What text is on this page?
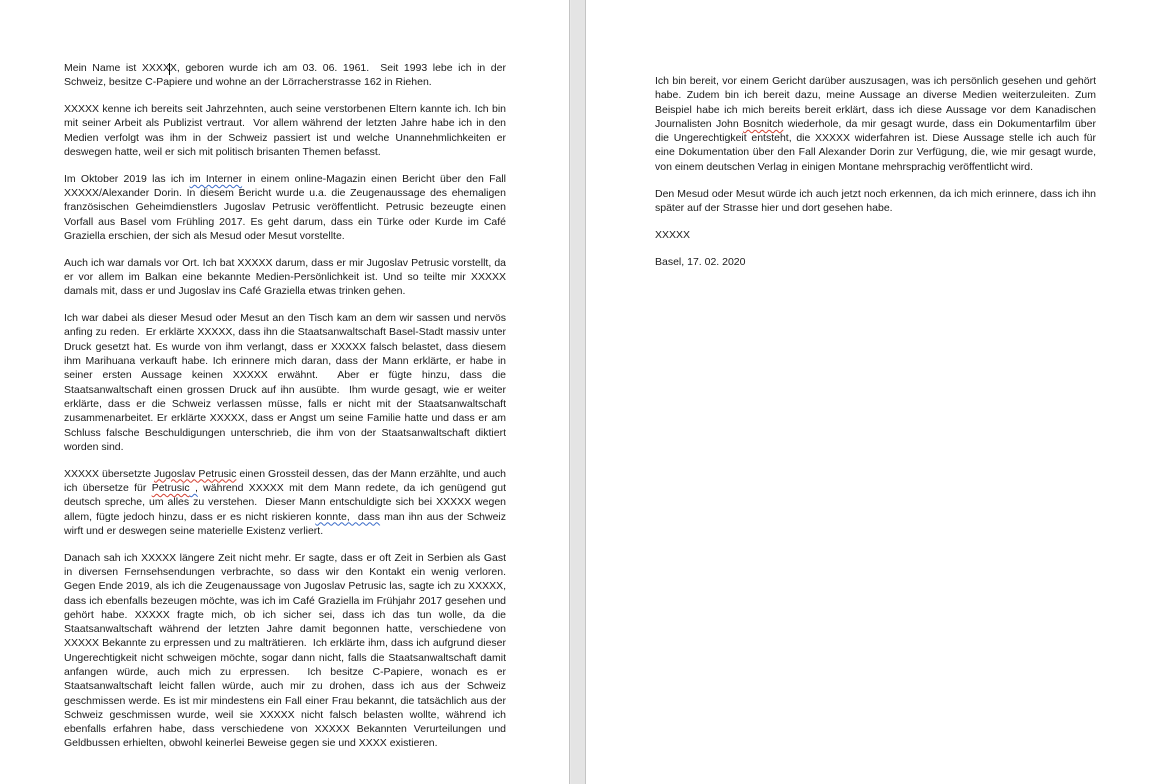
Mein Name ist XXXXX, geboren wurde ich am 03. 06. 1961.  Seit 1993 lebe ich in der Schweiz, besitze C-Papiere und wohne an der Lörracherstrasse 162 in Riehen.

XXXXX kenne ich bereits seit Jahrzehnten, auch seine verstorbenen Eltern kannte ich. Ich bin mit seiner Arbeit als Publizist vertraut.  Vor allem während der letzten Jahre habe ich in den Medien verfolgt was ihm in der Schweiz passiert ist und welche Unannehmlichkeiten er deswegen hatte, weil er sich mit politisch brisanten Themen befasst.

Im Oktober 2019 las ich im Interner in einem online-Magazin einen Bericht über den Fall XXXXX/Alexander Dorin. In diesem Bericht wurde u.a. die Zeugenaussage des ehemaligen französischen Geheimdienstlers Jugoslav Petrusic veröffentlicht. Petrusic bezeugte einen Vorfall aus Basel vom Frühling 2017. Es geht darum, dass ein Türke oder Kurde im Café Graziella erschien, der sich als Mesud oder Mesut vorstellte.

Auch ich war damals vor Ort. Ich bat XXXXX darum, dass er mir Jugoslav Petrusic vorstellt, da er vor allem im Balkan eine bekannte Medien-Persönlichkeit ist. Und so teilte mir XXXXX damals mit, dass er und Jugoslav ins Café Graziella etwas trinken gehen.

Ich war dabei als dieser Mesud oder Mesut an den Tisch kam an dem wir sassen und nervös anfing zu reden.  Er erklärte XXXXX, dass ihn die Staatsanwaltschaft Basel-Stadt massiv unter Druck gesetzt hat. Es wurde von ihm verlangt, dass er XXXXX falsch belastet, dass diesem ihm Marihuana verkauft habe. Ich erinnere mich daran, dass der Mann erklärte, er habe in seiner ersten Aussage keinen XXXXX erwähnt.  Aber er fügte hinzu, dass die Staatsanwaltschaft einen grossen Druck auf ihn ausübte.  Ihm wurde gesagt, wie er weiter erklärte, dass er die Schweiz verlassen müsse, falls er nicht mit der Staatsanwaltschaft zusammenarbeitet. Er erklärte XXXXX, dass er Angst um seine Familie hatte und dass er am Schluss falsche Beschuldigungen unterschrieb, die ihm von der Staatsanwaltschaft diktiert worden sind.

XXXXX übersetzte Jugoslav Petrusic einen Grossteil dessen, das der Mann erzählte, und auch ich übersetze für Petrusic , während XXXXX mit dem Mann redete, da ich genügend gut deutsch spreche, um alles zu verstehen.  Dieser Mann entschuldigte sich bei XXXXX wegen allem, fügte jedoch hinzu, dass er es nicht riskieren konnte,  dass man ihn aus der Schweiz wirft und er deswegen seine materielle Existenz verliert.

Danach sah ich XXXXX längere Zeit nicht mehr. Er sagte, dass er oft Zeit in Serbien als Gast in diversen Fernsehsendungen verbrachte, so dass wir den Kontakt ein wenig verloren.  Gegen Ende 2019, als ich die Zeugenaussage von Jugoslav Petrusic las, sagte ich zu XXXXX, dass ich ebenfalls bezeugen möchte, was ich im Café Graziella im Frühjahr 2017 gesehen und gehört habe. XXXXX fragte mich, ob ich sicher sei, dass ich das tun wolle, da die Staatsanwaltschaft während der letzten Jahre damit begonnen hatte, verschiedene von XXXXX Bekannte zu erpressen und zu malträtieren.  Ich erklärte ihm, dass ich aufgrund dieser Ungerechtigkeit nicht schweigen möchte, sogar dann nicht, falls die Staatsanwaltschaft damit anfangen würde, auch mich zu erpressen.  Ich besitze C-Papiere, wonach es er Staatsanwaltschaft leicht fallen würde, auch mir zu drohen, dass ich aus der Schweiz geschmissen werde. Es ist mir mindestens ein Fall einer Frau bekannt, die tatsächlich aus der Schweiz geschmissen wurde, weil sie XXXXX nicht falsch belasten wollte, während ich ebenfalls erfahren habe, dass verschiedene von XXXXX Bekannten Verurteilungen und Geldbussen erhielten, obwohl keinerlei Beweise gegen sie und XXXX existieren.

Ich bin bereit, vor einem Gericht darüber auszusagen, was ich persönlich gesehen und gehört habe. Zudem bin ich bereit dazu, meine Aussage an diverse Medien weiterzuleiten. Zum Beispiel habe ich mich bereits bereit erklärt, dass ich diese Aussage vor dem Kanadischen Journalisten John Bosnitch wiederhole, da mir gesagt wurde, dass ein Dokumentarfilm über die Ungerechtigkeit entsteht, die XXXXX widerfahren ist. Diese Aussage stelle ich auch für eine Dokumentation über den Fall Alexander Dorin zur Verfügung, die, wie mir gesagt wurde, von einem deutschen Verlag in einigen Montane mehrsprachig veröffentlicht wird.

Den Mesud oder Mesut würde ich auch jetzt noch erkennen, da ich mich erinnere, dass ich ihn später auf der Strasse hier und dort gesehen habe.

XXXXX

Basel, 17. 02. 2020
